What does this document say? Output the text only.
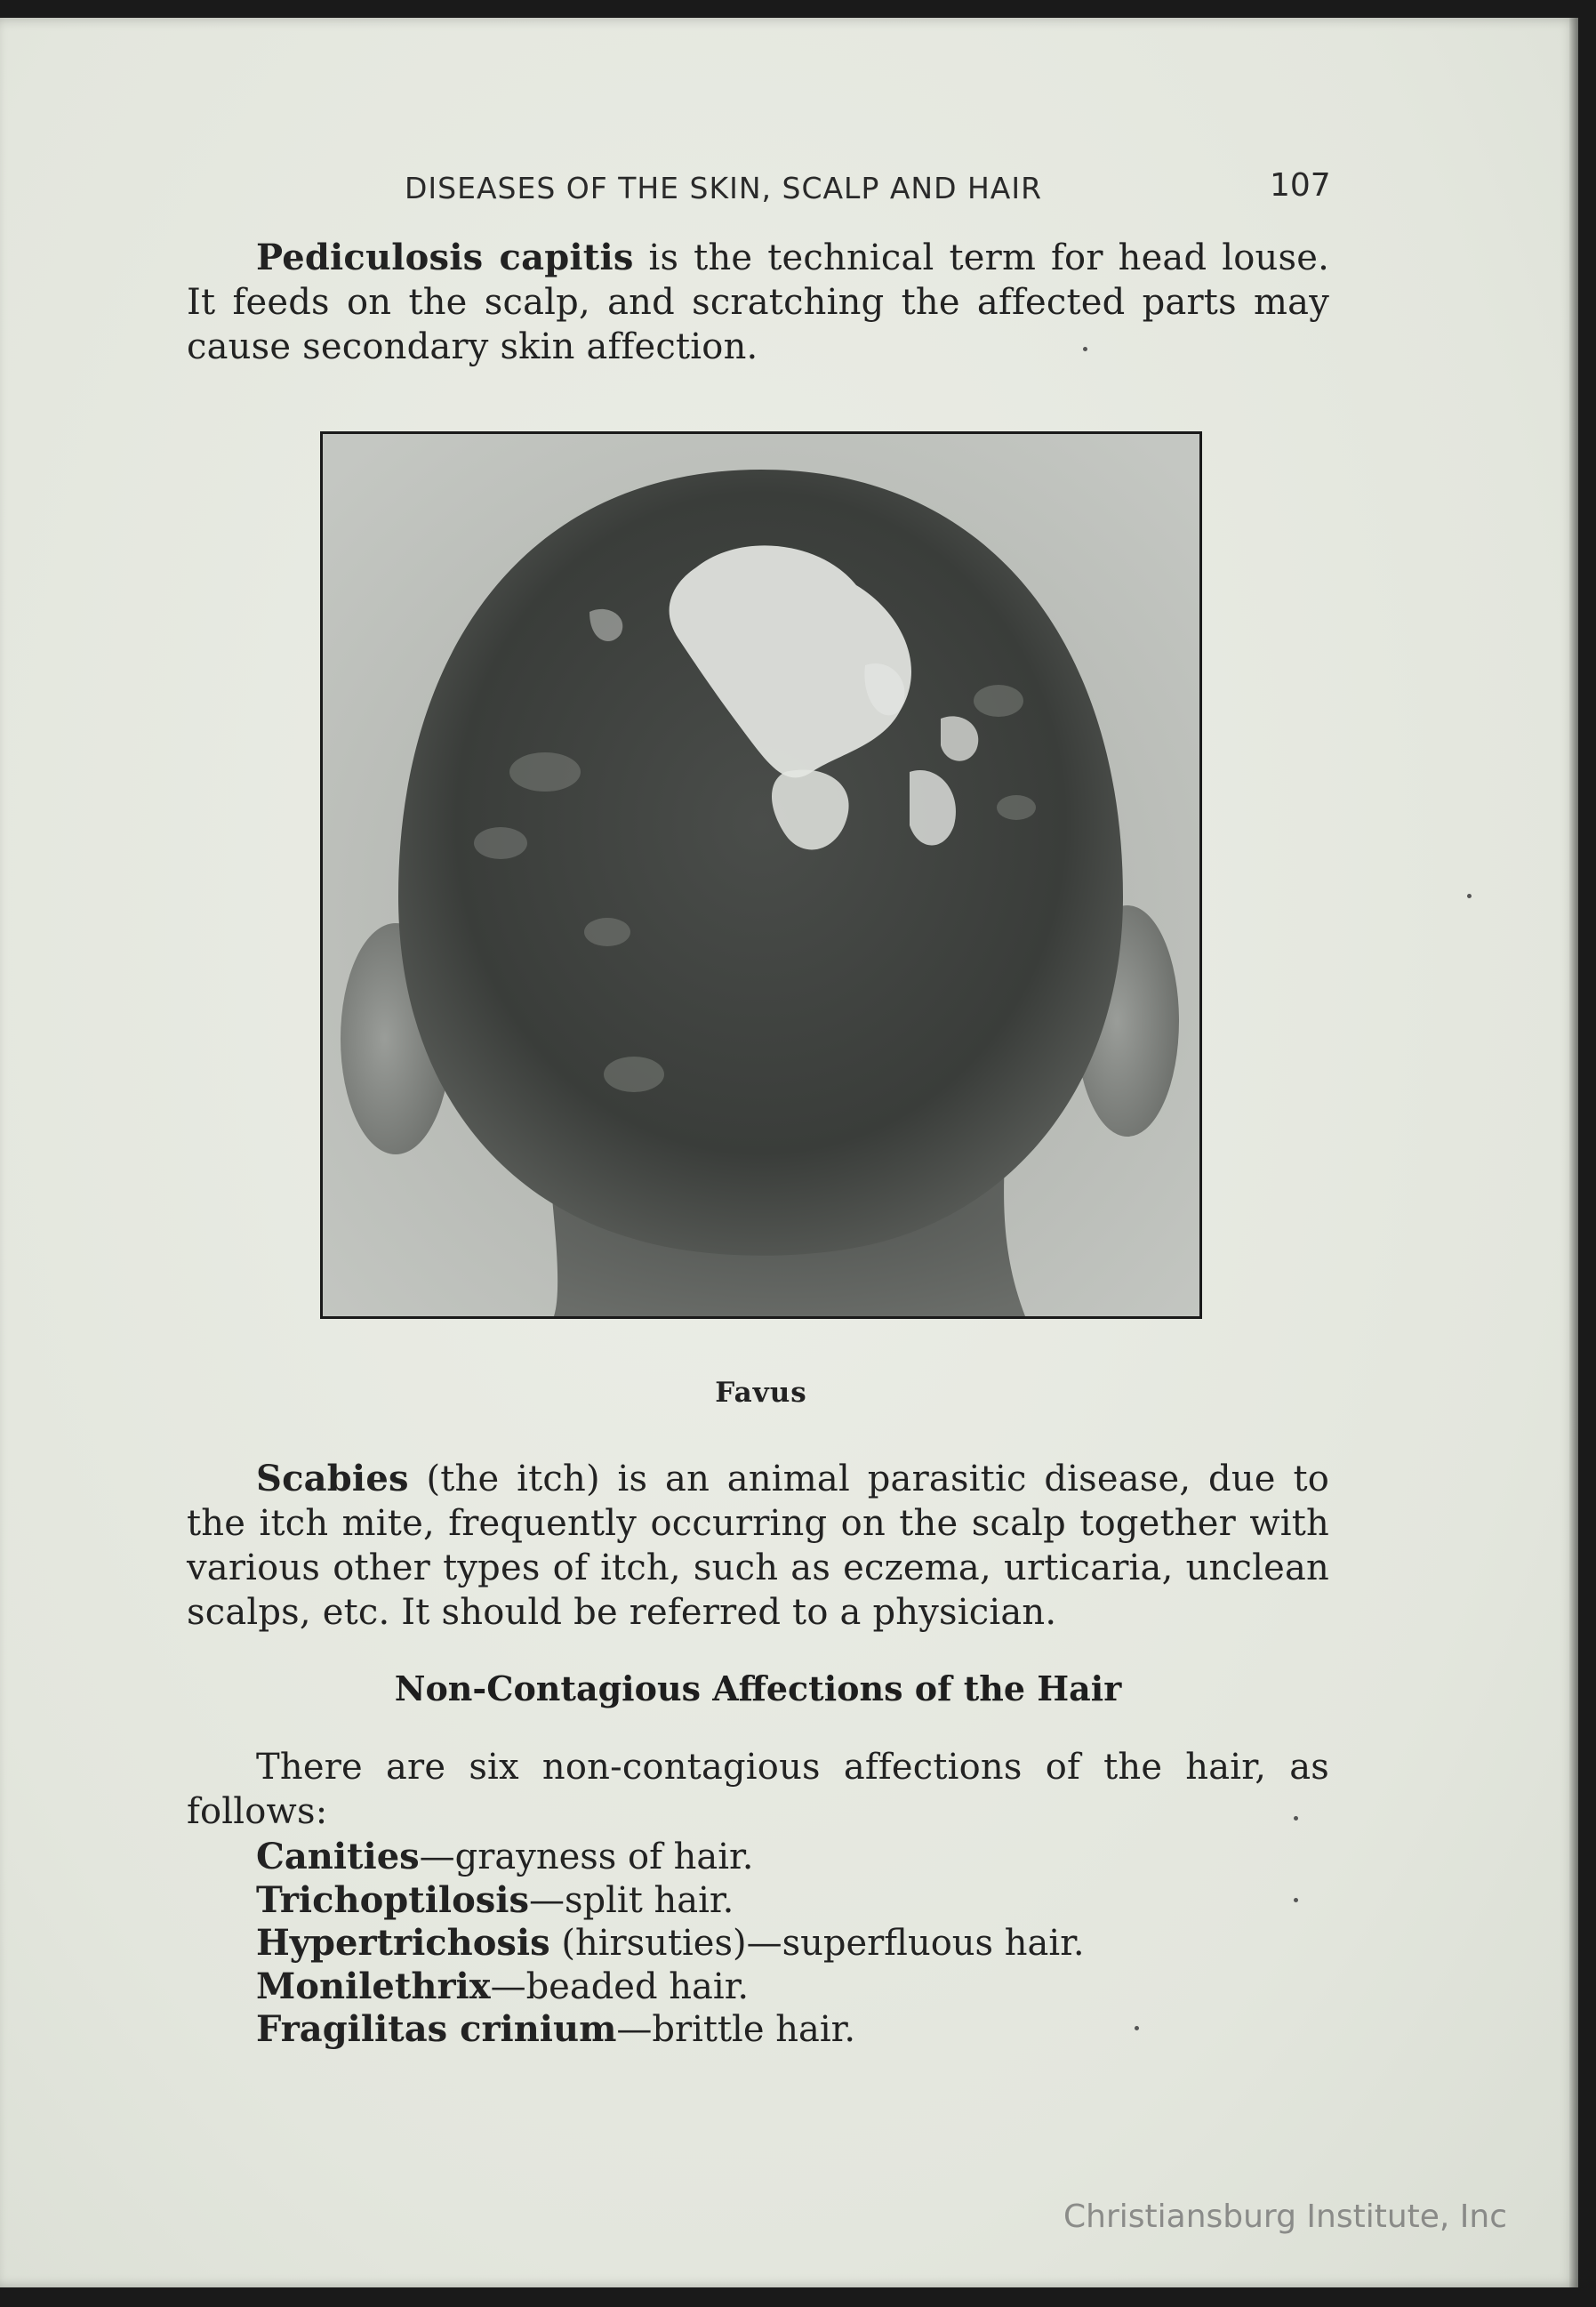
DISEASES OF THE SKIN, SCALP AND HAIR	107

Pediculosis capitis is the technical term for head louse. It feeds on the scalp, and scratching the affected parts may cause secondary skin affection.

Favus

Scabies (the itch) is an animal parasitic disease, due to the itch mite, frequently occurring on the scalp together with various other types of itch, such as eczema, urticaria, unclean scalps, etc. It should be referred to a physician.

Non-Contagious Affections of the Hair

There are six non-contagious affections of the hair, as follows:

Canities—grayness of hair.
Trichoptilosis—split hair.
Hypertrichosis (hirsuties)—superfluous hair.
Monilethrix—beaded hair.
Fragilitas crinium—brittle hair.
Christiansburg Institute, Inc
